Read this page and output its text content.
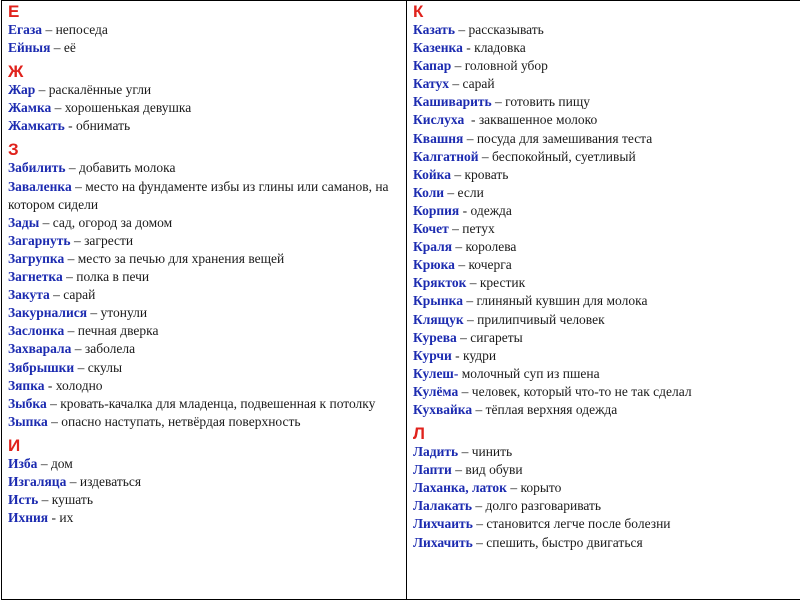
Е
Егаза – непоседа
Ейныя – её
Ж
Жар – раскалённые угли
Жамка – хорошенькая девушка
Жамкать - обнимать
З
Забилить – добавить молока
Заваленка – место на фундаменте избы из глины или саманов, на котором сидели
Зады – сад, огород за домом
Загарнуть – загрести
Загрупка – место за печью для хранения вещей
Загнетка – полка в печи
Закута – сарай
Закурналися – утонули
Заслонка – печная дверка
Захварала – заболела
Зябрышки – скулы
Зяпка - холодно
Зыбка – кровать-качалка для младенца, подвешенная к потолку
Зыпка – опасно наступать, нетвёрдая поверхность
И
Изба – дом
Изгаляца – издеваться
Исть – кушать
Ихния - их

К
Казать – рассказывать
Казенка - кладовка
Капар – головной убор
Катух – сарай
Кашиварить – готовить пищу
Кислуха  - заквашенное молоко
Квашня – посуда для замешивания теста
Калгатной – беспокойный, суетливый
Койка – кровать
Коли – если
Корпия - одежда
Кочет – петух
Краля – королева
Крюка – кочерга
Крякток – крестик
Крынка – глиняный кувшин для молока
Клящук – прилипчивый человек
Курева – сигареты
Курчи - кудри
Кулеш- молочный суп из пшена
Кулёма – человек, который что-то не так сделал
Кухвайка – тёплая верхняя одежда
Л
Ладить – чинить
Лапти – вид обуви
Лаханка, латок – корыто
Лалакать – долго разговаривать
Лихчаить – становится легче после болезни
Лихачить – спешить, быстро двигаться
